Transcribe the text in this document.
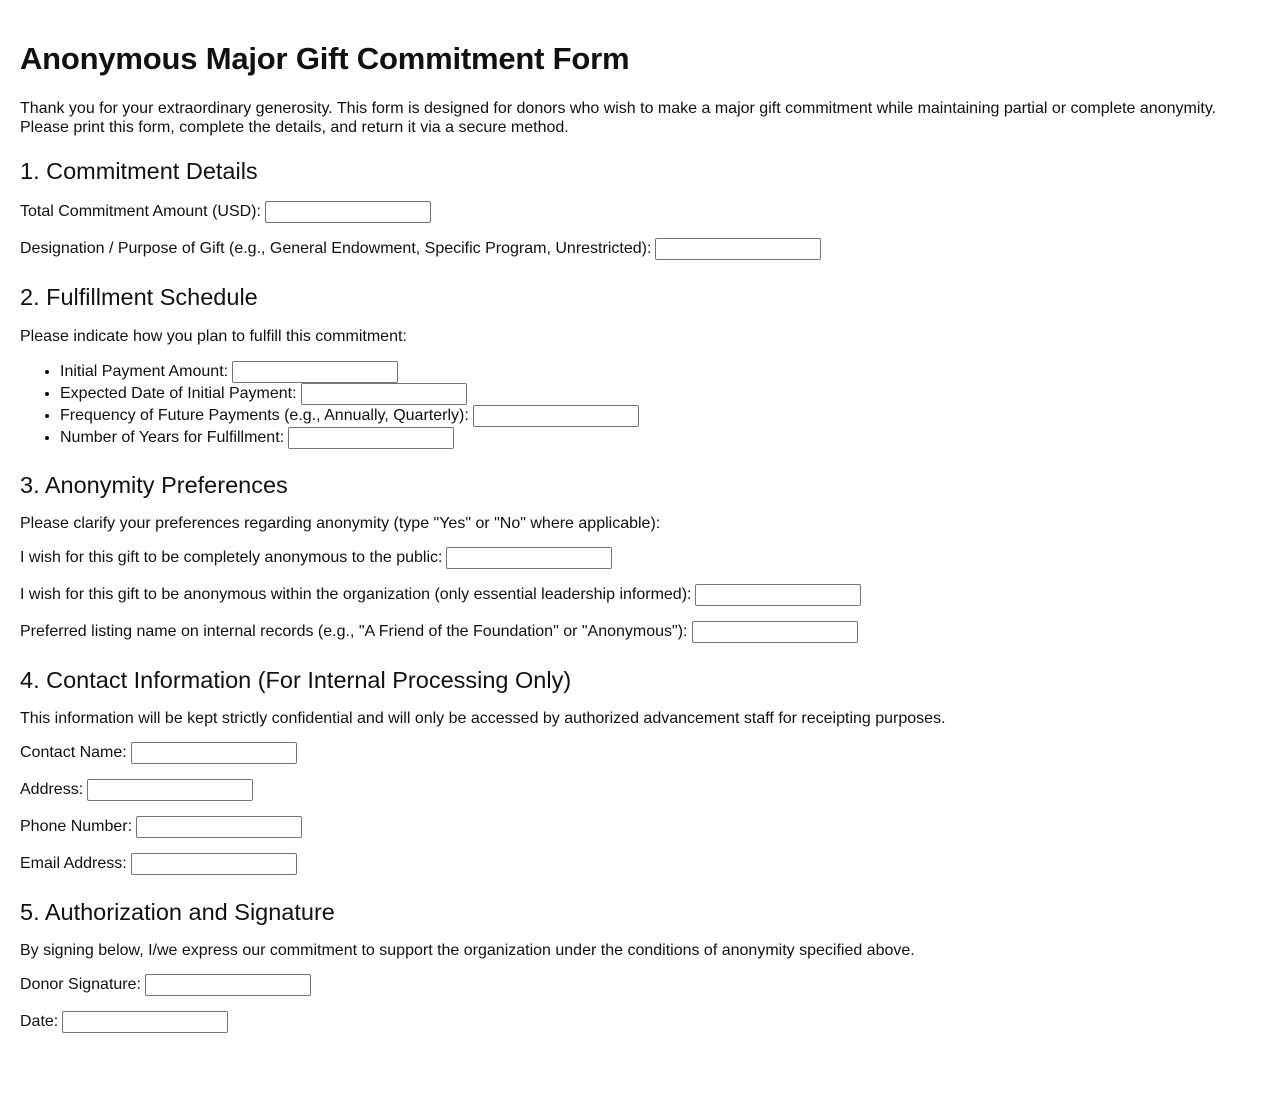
Anonymous Major Gift Commitment Form
Thank you for your extraordinary generosity. This form is designed for donors who wish to make a major gift commitment while maintaining partial or complete anonymity. Please print this form, complete the details, and return it via a secure method.
1. Commitment Details
Total Commitment Amount (USD):
Designation / Purpose of Gift (e.g., General Endowment, Specific Program, Unrestricted):
2. Fulfillment Schedule
Please indicate how you plan to fulfill this commitment:
• Initial Payment Amount:
• Expected Date of Initial Payment:
• Frequency of Future Payments (e.g., Annually, Quarterly):
• Number of Years for Fulfillment:
3. Anonymity Preferences
Please clarify your preferences regarding anonymity (type "Yes" or "No" where applicable):
I wish for this gift to be completely anonymous to the public:
I wish for this gift to be anonymous within the organization (only essential leadership informed):
Preferred listing name on internal records (e.g., "A Friend of the Foundation" or "Anonymous"):
4. Contact Information (For Internal Processing Only)
This information will be kept strictly confidential and will only be accessed by authorized advancement staff for receipting purposes.
Contact Name:
Address:
Phone Number:
Email Address:
5. Authorization and Signature
By signing below, I/we express our commitment to support the organization under the conditions of anonymity specified above.
Donor Signature:
Date:
